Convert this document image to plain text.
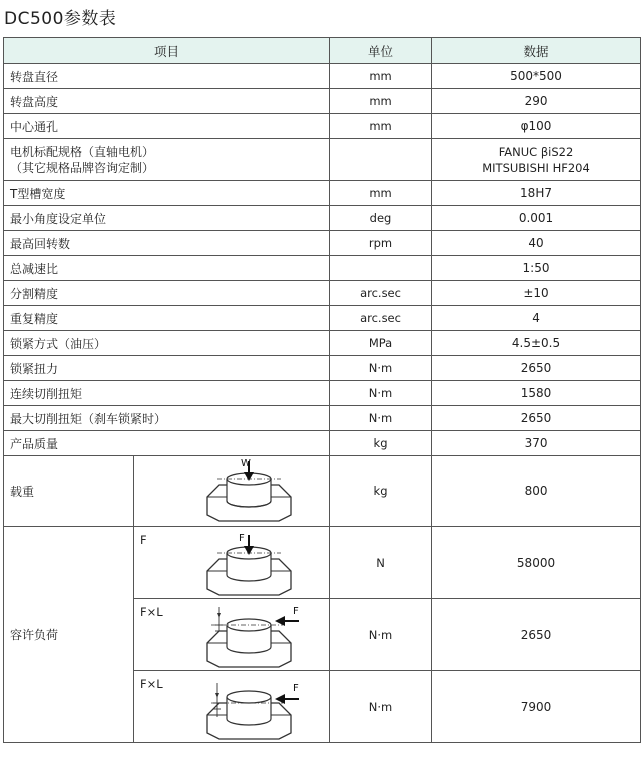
DC500参数表
项目		单位	数据
转盘直径		mm	500*500
转盘高度		mm	290
中心通孔		mm	φ100

电机标配规格（直轴电机）
（其它规格品牌咨询定制）			FANUC βiS22
MITSUBISHI HF204

T型槽宽度		mm	18H7
最小角度设定单位		deg	0.001
最高回转数		rpm	40
总减速比			1:50
分割精度		arc.sec	±10
重复精度		arc.sec	4
锁紧方式（油压）		MPa	4.5±0.5
锁紧扭力		N·m	2650
连续切削扭矩		N·m	1580
最大切削扭矩（刹车锁紧时）		N·m	2650
产品质量		kg	370
载重	W	kg	800
容许负荷	F F	N	58000

	F×L F	N·m	2650

	F×L F	N·m	7900
